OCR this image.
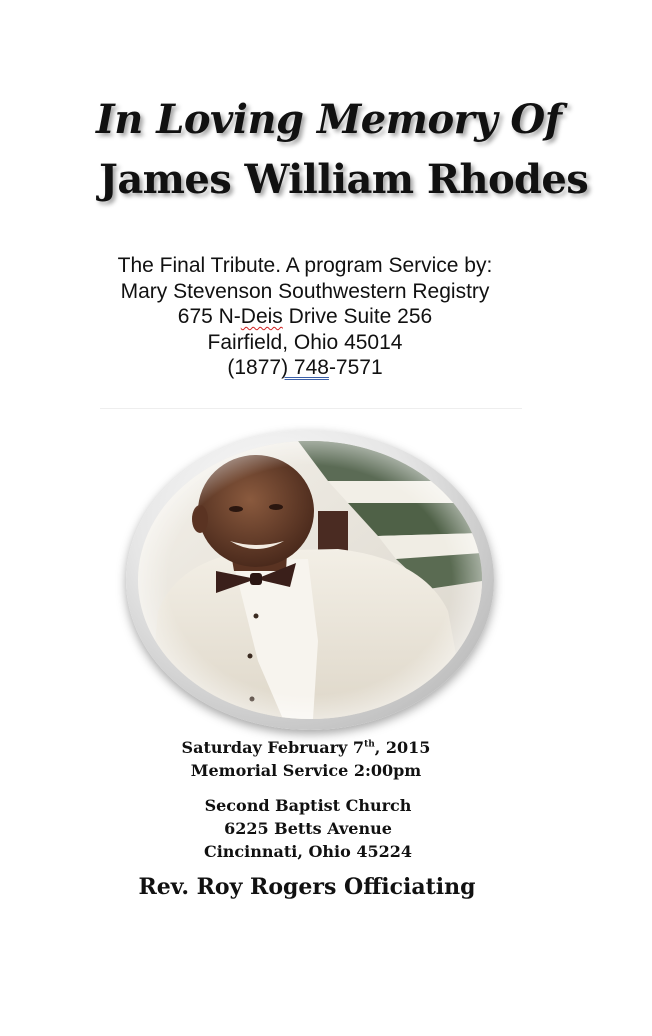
In Loving Memory Of
James William Rhodes
The Final Tribute. A program Service by:
Mary Stevenson Southwestern Registry
675 N-Deis Drive Suite 256
Fairfield, Ohio 45014
(1877) 748-7571
Saturday February 7th, 2015
Memorial Service 2:00pm
Second Baptist Church
6225 Betts Avenue
Cincinnati, Ohio 45224
Rev. Roy Rogers Officiating
